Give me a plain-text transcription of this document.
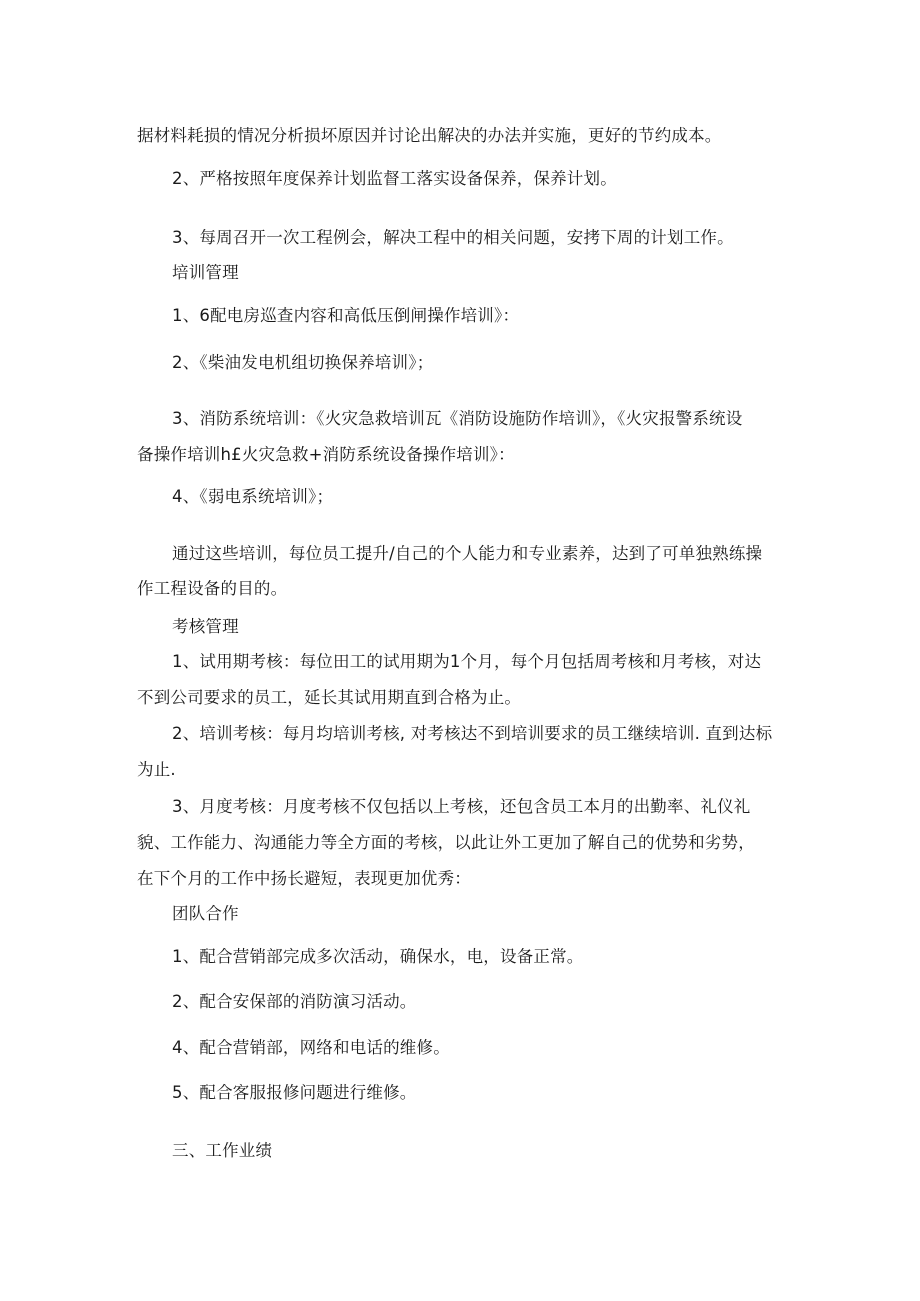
据材料耗损的情况分析损坏原因并讨论出解决的办法并实施，更好的节约成本。
2、严格按照年度保养计划监督工落实设备保养，保养计划。
3、每周召开一次工程例会，解决工程中的相关问题，安拷下周的计划工作。
培训管理
1、6配电房巡查内容和高低压倒闸操作培训》：
2、《柴油发电机组切换保养培训》；
3、消防系统培训：《火灾急救培训瓦《消防设施防作培训》，《火灾报警系统设
备操作培训h£火灾急救+消防系统设备操作培训》：
4、《弱电系统培训》；
通过这些培训，每位员工提升/自己的个人能力和专业素养，达到了可单独熟练操
作工程设备的目的。
考核管理
1、试用期考核：每位田工的试用期为1个月，每个月包括周考核和月考核，对达
不到公司要求的员工，延长其试用期直到合格为止。
2、培训考核：每月均培训考核, 对考核达不到培训要求的员工继续培训. 直到达标
为止.
3、月度考核：月度考核不仅包括以上考核，还包含员工本月的出勤率、礼仪礼
貌、工作能力、沟通能力等全方面的考核，以此让外工更加了解自己的优势和劣势，
在下个月的工作中扬长避短，表现更加优秀：
团队合作
1、配合营销部完成多次活动，确保水，电，设备正常。
2、配合安保部的消防演习活动。
4、配合营销部，网络和电话的维修。
5、配合客服报修问题进行维修。
三、工作业绩
